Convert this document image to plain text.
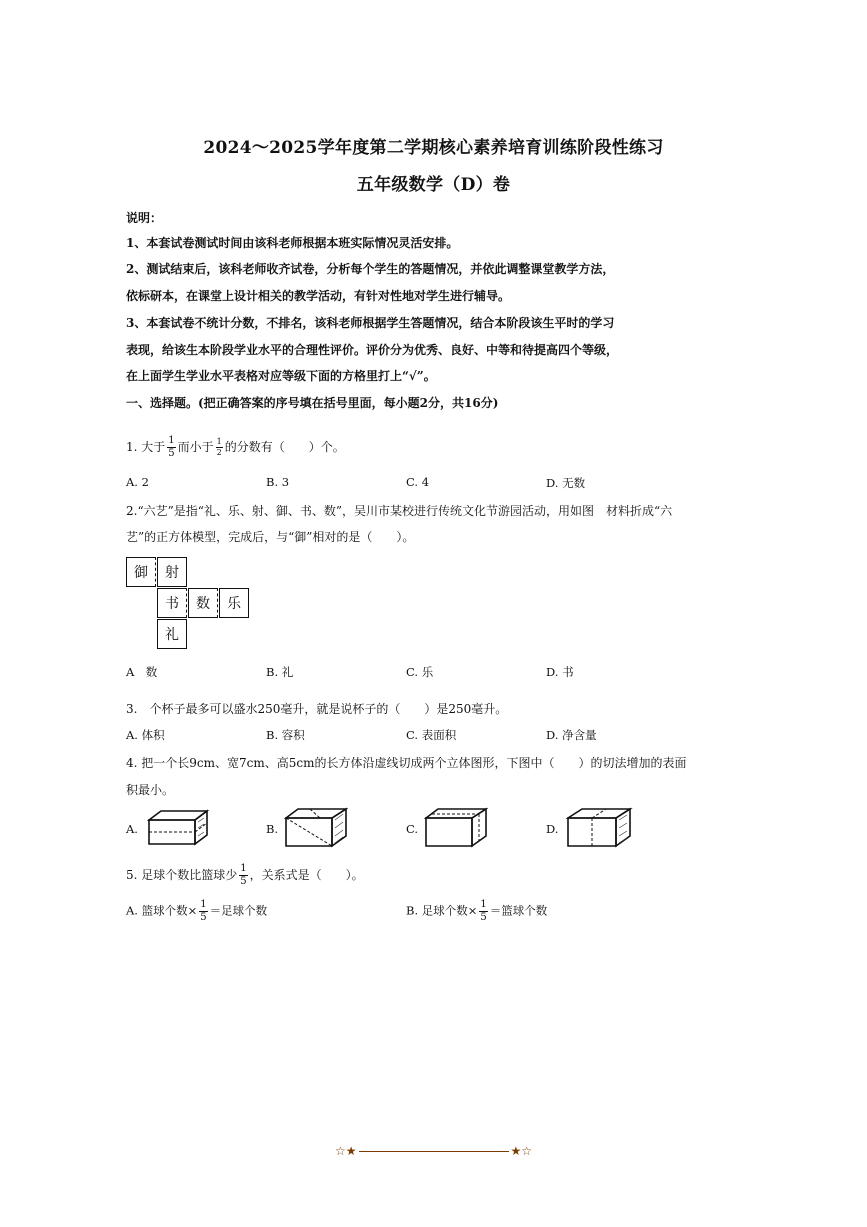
2024～2025学年度第二学期核心素养培育训练阶段性练习
五年级数学（D）卷
说明：
1、本套试卷测试时间由该科老师根据本班实际情况灵活安排。
2、测试结束后，该科老师收齐试卷，分析每个学生的答题情况，并依此调整课堂教学方法，
依标研本，在课堂上设计相关的教学活动，有针对性地对学生进行辅导。
3、本套试卷不统计分数，不排名，该科老师根据学生答题情况，结合本阶段该生平时的学习
表现，给该生本阶段学业水平的合理性评价。评价分为优秀、良好、中等和待提高四个等级，
在上面学生学业水平表格对应等级下面的方格里打上“√”。
一、选择题。(把正确答案的序号填在括号里面，每小题2分，共16分)
1. 大于 $\frac{1}{5}$ 而小于 $\frac{1}{2}$ 的分数有（　　）个。
A. 2	B. 3	C. 4	D. 无数
2.“六艺”是指“礼、乐、射、御、书、数”，吴川市某校进行传统文化节游园活动，用如图　材料折成“六
艺”的正方体模型，完成后，与“御”相对的是（　　）。
御	射
书	数	乐
礼
A　数	B. 礼	C. 乐	D. 书
3.　个杯子最多可以盛水250毫升，就是说杯子的（　　）是250毫升。
A. 体积	B. 容积	C. 表面积	D. 净含量
4. 把一个长9cm、宽7cm、高5cm的长方体沿虚线切成两个立体图形，下图中（　　）的切法增加的表面
积最小。
A.	B.	C.	D.
5. 足球个数比篮球少 $\frac{1}{5}$ ，关系式是（　　）。
A. 篮球个数× $\frac{1}{5}$ ＝足球个数	B. 足球个数× $\frac{1}{5}$ ＝篮球个数
☆★	★☆
